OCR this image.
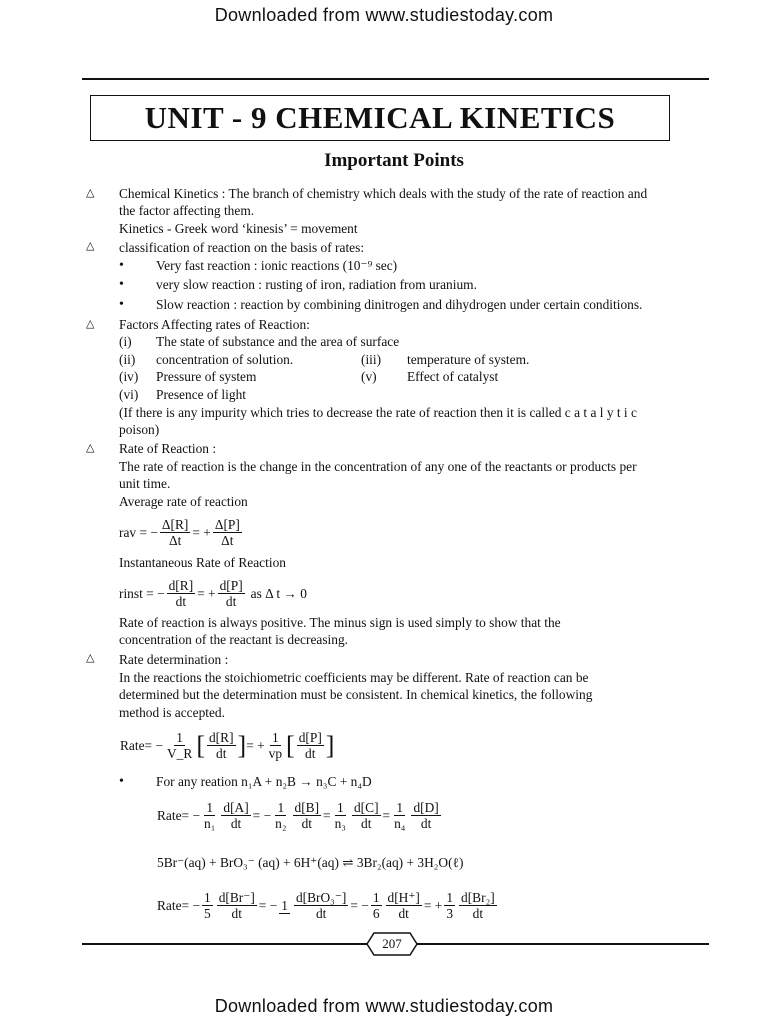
Downloaded from www.studiestoday.com
UNIT - 9 CHEMICAL KINETICS
Important Points
△ Chemical Kinetics : The branch of chemistry which deals with the study of the rate of reaction and
the factor affecting them.
Kinetics - Greek word ‘kinesis’ = movement
△ classification of reaction on the basis of rates:
• Very fast reaction : ionic reactions (10⁻⁹ sec)
• very slow reaction : rusting of iron, radiation from uranium.
• Slow reaction : reaction by combining dinitrogen and dihydrogen under certain conditions.
△ Factors Affecting rates of Reaction:
(i) The state of substance and the area of surface
(ii) concentration of solution.	(iii) temperature of system.
(iv) Pressure of system	(v) Effect of catalyst
(vi) Presence of light
(If there is any impurity which tries to decrease the rate of reaction then it is called c a t a l y t i c
poison)
△ Rate of Reaction :
The rate of reaction is the change in the concentration of any one of the reactants or products per
unit time.
Average rate of reaction
rav = − $\frac{\Delta[R]}{\Delta t}$ = + $\frac{\Delta[P]}{\Delta t}$
Instantaneous Rate of Reaction
rinst = − $\frac{d[R]}{dt}$ = + $\frac{d[P]}{dt}$ as Δ t → 0
Rate of reaction is always positive. The minus sign is used simply to show that the
concentration of the reactant is decreasing.
△ Rate determination :
In the reactions the stoichiometric coefficients may be different. Rate of reaction can be
determined but the determination must be consistent. In chemical kinetics, the following
method is accepted.
Rate= − $\frac{1}{V\_R}$ [ $\frac{d[R]}{dt}$ ] = + $\frac{1}{vp}$ [ $\frac{d[P]}{dt}$ ]
• For any reation n₁A + n₂B → n₃C + n₄D
Rate= − $\frac{1}{\text{n₁}} \frac{d[A]}{dt}$ = − $\frac{1}{\text{n₂}} \frac{d[B]}{dt} = \frac{1}{\text{n₃}} \frac{d[C]}{dt} = \frac{1}{\text{n₄}} \frac{d[D]}{dt}$
5Br⁻(aq) + BrO₃⁻ (aq) + 6H⁺(aq) ⇌ 3Br₂(aq) + 3H₂O(ℓ)
Rate= − $\frac{1}{5} \frac{d[Br^-]}{dt}$ = − $1 \frac{\text{d[BrO₃⁻]}}{dt}$ = − $\frac{1}{6} \frac{d[H^+]}{dt}$ = + $\frac{1}{3} \frac{\text{d[Br₂]}}{dt}$
207
Downloaded from www.studiestoday.com
